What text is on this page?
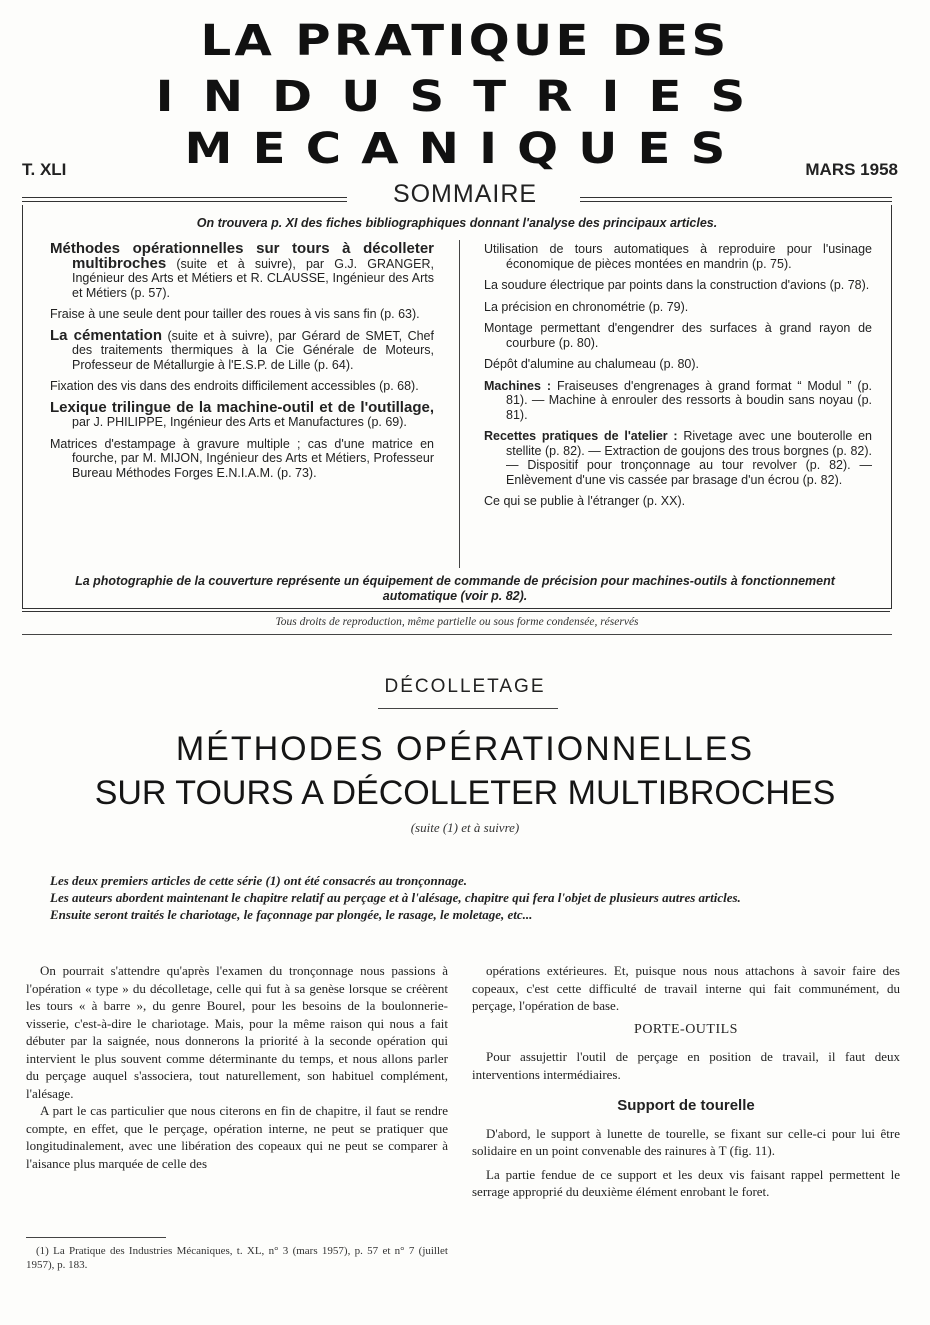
LA PRATIQUE DES
INDUSTRIES
MECANIQUES
T. XLI	MARS 1958
SOMMAIRE
On trouvera p. XI des fiches bibliographiques donnant l'analyse des principaux articles.

Méthodes opérationnelles sur tours à décolleter multibroches (suite et à suivre), par G.J. GRANGER, Ingénieur des Arts et Métiers et R. CLAUSSE, Ingénieur des Arts et Métiers (p. 57).

Fraise à une seule dent pour tailler des roues à vis sans fin (p. 63).

La cémentation (suite et à suivre), par Gérard de SMET, Chef des traitements thermiques à la Cie Générale de Moteurs, Professeur de Métallurgie à l'E.S.P. de Lille (p. 64).

Fixation des vis dans des endroits difficilement accessibles (p. 68).

Lexique trilingue de la machine-outil et de l'outillage, par J. PHILIPPE, Ingénieur des Arts et Manufactures (p. 69).

Matrices d'estampage à gravure multiple ; cas d'une matrice en fourche, par M. MIJON, Ingénieur des Arts et Métiers, Professeur Bureau Méthodes Forges E.N.I.A.M. (p. 73).

Utilisation de tours automatiques à reproduire pour l'usinage économique de pièces montées en mandrin (p. 75).

La soudure électrique par points dans la construction d'avions (p. 78).

La précision en chronométrie (p. 79).

Montage permettant d'engendrer des surfaces à grand rayon de courbure (p. 80).

Dépôt d'alumine au chalumeau (p. 80).

Machines : Fraiseuses d'engrenages à grand format “ Modul ” (p. 81). — Machine à enrouler des ressorts à boudin sans noyau (p. 81).

Recettes pratiques de l'atelier : Rivetage avec une bouterolle en stellite (p. 82). — Extraction de goujons des trous borgnes (p. 82). — Dispositif pour tronçonnage au tour revolver (p. 82). — Enlèvement d'une vis cassée par brasage d'un écrou (p. 82).

Ce qui se publie à l'étranger (p. XX).

La photographie de la couverture représente un équipement de commande de précision pour machines-outils à fonctionnement automatique (voir p. 82).
Tous droits de reproduction, même partielle ou sous forme condensée, réservés
DÉCOLLETAGE
MÉTHODES OPÉRATIONNELLES
SUR TOURS A DÉCOLLETER MULTIBROCHES
(suite (1) et à suivre)

Les deux premiers articles de cette série (1) ont été consacrés au tronçonnage.

Les auteurs abordent maintenant le chapitre relatif au perçage et à l'alésage, chapitre qui fera l'objet de plusieurs autres articles.

Ensuite seront traités le chariotage, le façonnage par plongée, le rasage, le moletage, etc...

On pourrait s'attendre qu'après l'examen du tronçonnage nous passions à l'opération « type » du décolletage, celle qui fut à sa genèse lorsque se créèrent les tours « à barre », du genre Bourel, pour les besoins de la boulonnerie-visserie, c'est-à-dire le chariotage. Mais, pour la même raison qui nous a fait débuter par la saignée, nous donnerons la priorité à la seconde opération qui intervient le plus souvent comme déterminante du temps, et nous allons parler du perçage auquel s'associera, tout naturellement, son habituel complément, l'alésage.

A part le cas particulier que nous citerons en fin de chapitre, il faut se rendre compte, en effet, que le perçage, opération interne, ne peut se pratiquer que longitudinalement, avec une libération des copeaux qui ne peut se comparer à l'aisance plus marquée de celle des

opérations extérieures. Et, puisque nous nous attachons à savoir faire des copeaux, c'est cette difficulté de travail interne qui fait communément, du perçage, l'opération de base.

PORTE-OUTILS

Pour assujettir l'outil de perçage en position de travail, il faut deux interventions intermédiaires.

Support de tourelle

D'abord, le support à lunette de tourelle, se fixant sur celle-ci pour lui être solidaire en un point convenable des rainures à T (fig. 11).

La partie fendue de ce support et les deux vis faisant rappel permettent le serrage approprié du deuxième élément enrobant le foret.

(1) La Pratique des Industries Mécaniques, t. XL, n° 3 (mars 1957), p. 57 et n° 7 (juillet 1957), p. 183.
